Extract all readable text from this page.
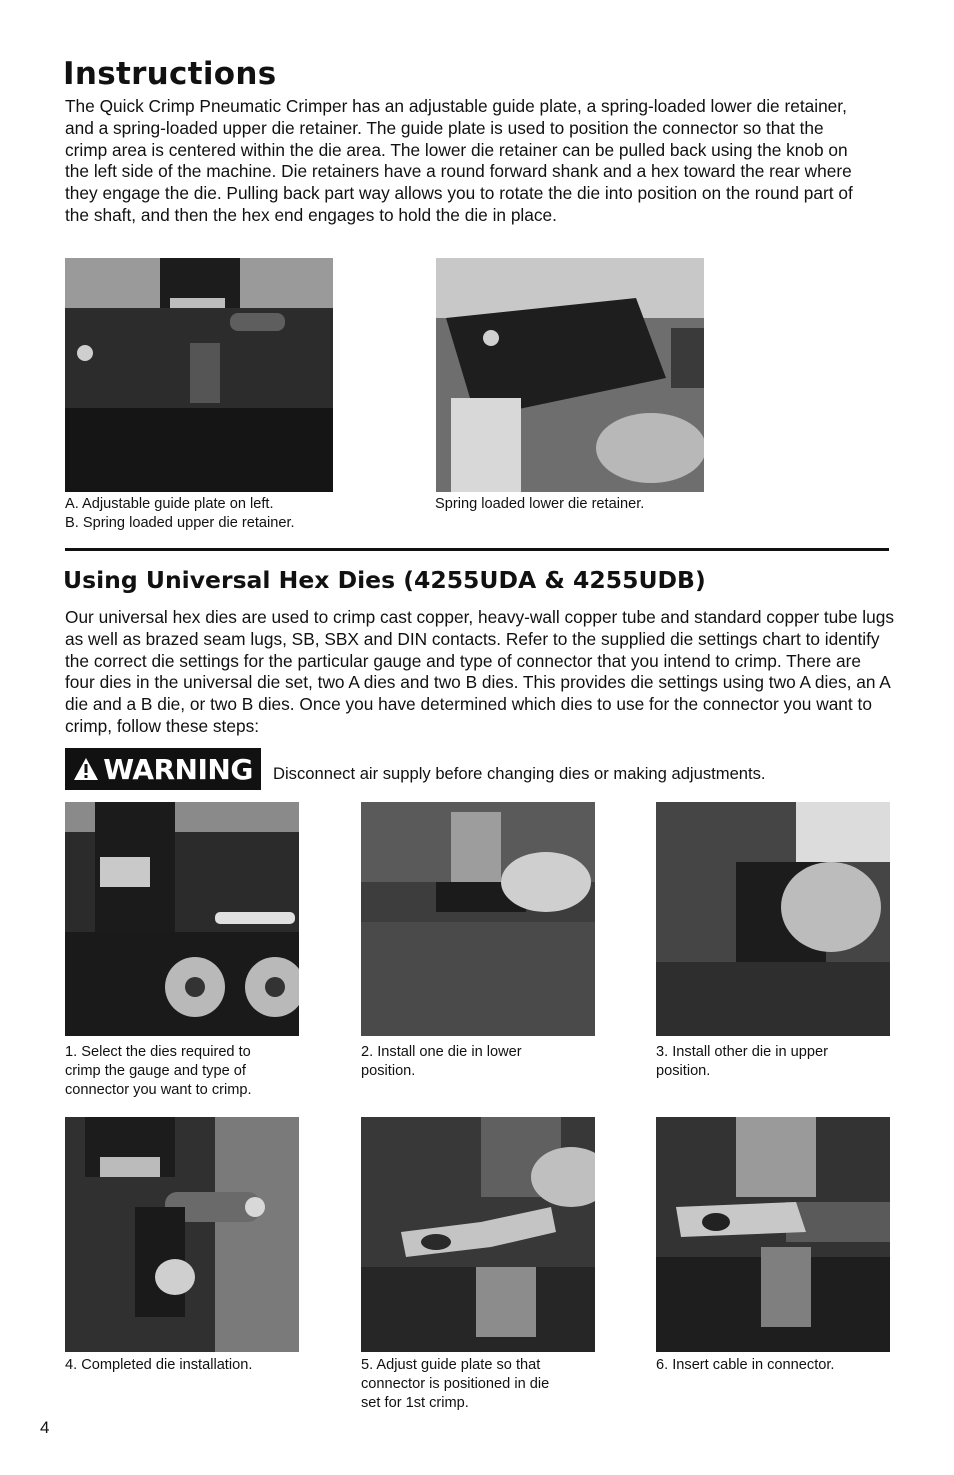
Instructions

The Quick Crimp Pneumatic Crimper has an adjustable guide plate, a spring-loaded lower die retainer, and a spring-loaded upper die retainer. The guide plate is used to position the connector so that the crimp area is centered within the die area. The lower die retainer can be pulled back using the knob on the left side of the machine. Die retainers have a round forward shank and a hex toward the rear where they engage the die. Pulling back part way allows you to rotate the die into position on the round part of the shaft, and then the hex end engages to hold the die in place.

A. Adjustable guide plate on left.

B. Spring loaded upper die retainer.

Spring loaded lower die retainer.

Using Universal Hex Dies (4255UDA & 4255UDB)

Our universal hex dies are used to crimp cast copper, heavy-wall copper tube and standard copper tube lugs as well as brazed seam lugs, SB, SBX and DIN contacts. Refer to the supplied die settings chart to identify the correct die settings for the particular gauge and type of connector that you intend to crimp. There are four dies in the universal die set, two A dies and two B dies. This provides die settings using two A dies, an A die and a B die, or two B dies. Once you have determined which dies to use for the connector you want to crimp, follow these steps:

WARNING Disconnect air supply before changing dies or making adjustments.

1. Select the dies required to

crimp the gauge and type of

connector you want to crimp.

2. Install one die in lower

position.

3. Install other die in upper

position.

4. Completed die installation.	5. Adjust guide plate so that

connector is positioned in die

set for 1st crimp.

6. Insert cable in connector.

4
